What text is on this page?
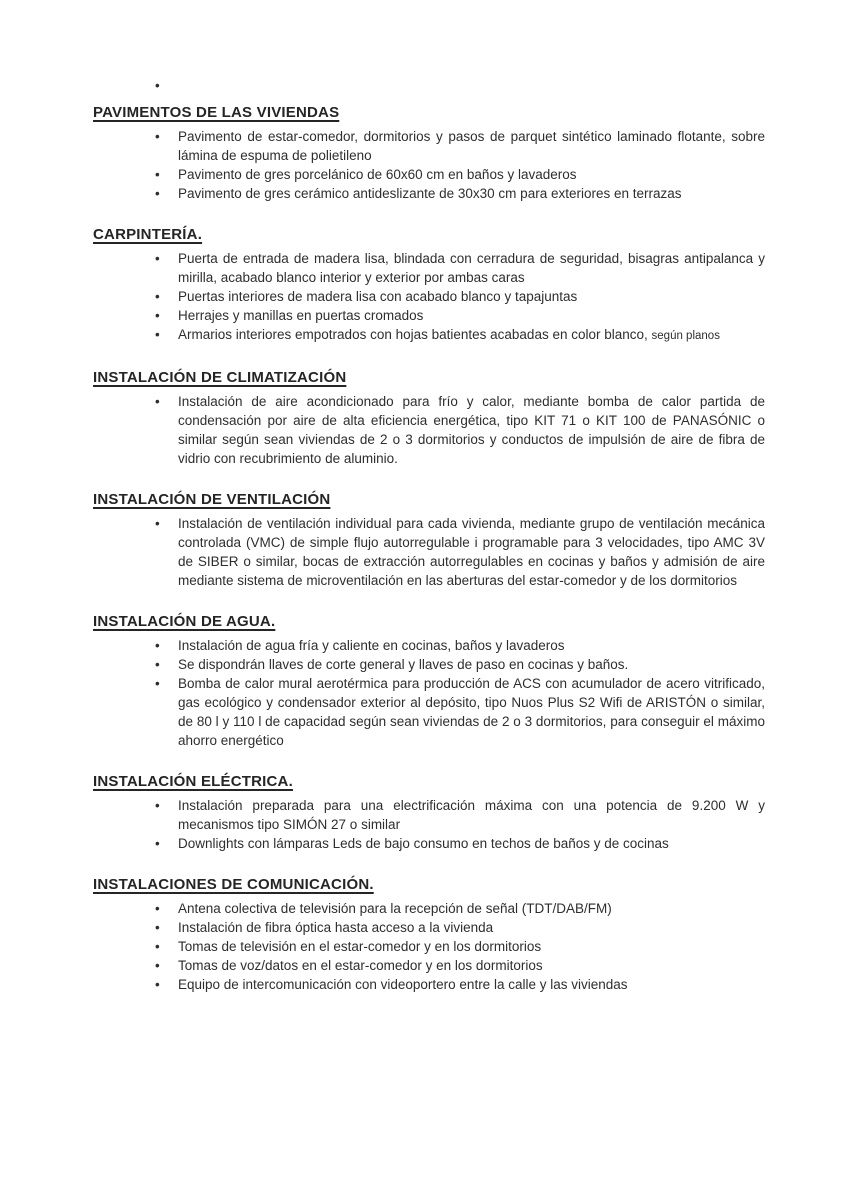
•
PAVIMENTOS DE LAS VIVIENDAS
•	Pavimento de estar-comedor, dormitorios y pasos de parquet sintético laminado flotante, sobre lámina de espuma de polietileno
•	Pavimento de gres porcelánico de 60x60 cm en baños y lavaderos
•	Pavimento de gres cerámico antideslizante de 30x30 cm para exteriores en terrazas
CARPINTERÍA.
•	Puerta de entrada de madera lisa, blindada con cerradura de seguridad, bisagras antipalanca y mirilla, acabado blanco interior y exterior por ambas caras
•	Puertas interiores de madera lisa con acabado blanco y tapajuntas
•	Herrajes y manillas en puertas cromados
•	Armarios interiores empotrados con hojas batientes acabadas en color blanco, según planos
INSTALACIÓN DE CLIMATIZACIÓN
•	Instalación de aire acondicionado para frío y calor, mediante bomba de calor partida de condensación por aire de alta eficiencia energética, tipo KIT 71 o KIT 100 de PANASÓNIC o similar según sean viviendas de 2 o 3 dormitorios y conductos de impulsión de aire de fibra de vidrio con recubrimiento de aluminio.
INSTALACIÓN DE VENTILACIÓN
•	Instalación de ventilación individual para cada vivienda, mediante grupo de ventilación mecánica controlada (VMC) de simple flujo autorregulable i programable para 3 velocidades, tipo AMC 3V de SIBER o similar, bocas de extracción autorregulables en cocinas y baños y admisión de aire mediante sistema de microventilación en las aberturas del estar-comedor y de los dormitorios
INSTALACIÓN DE AGUA.
•	Instalación de agua fría y caliente en cocinas, baños y lavaderos
•	Se dispondrán llaves de corte general y llaves de paso en cocinas y baños.
•	Bomba de calor mural aerotérmica para producción de ACS con acumulador de acero vitrificado, gas ecológico y condensador exterior al depósito, tipo Nuos Plus S2 Wifi de ARISTÓN o similar, de 80 l y 110 l de capacidad según sean viviendas de 2 o 3 dormitorios, para conseguir el máximo ahorro energético
INSTALACIÓN ELÉCTRICA.
•	Instalación preparada para una electrificación máxima con una potencia de 9.200 W y mecanismos tipo SIMÓN 27 o similar
•	Downlights con lámparas Leds de bajo consumo en techos de baños y de cocinas
INSTALACIONES DE COMUNICACIÓN.
•	Antena colectiva de televisión para la recepción de señal (TDT/DAB/FM)
•	Instalación de fibra óptica hasta acceso a la vivienda
•	Tomas de televisión en el estar-comedor y en los dormitorios
•	Tomas de voz/datos en el estar-comedor y en los dormitorios
•	Equipo de intercomunicación con videoportero entre la calle y las viviendas
